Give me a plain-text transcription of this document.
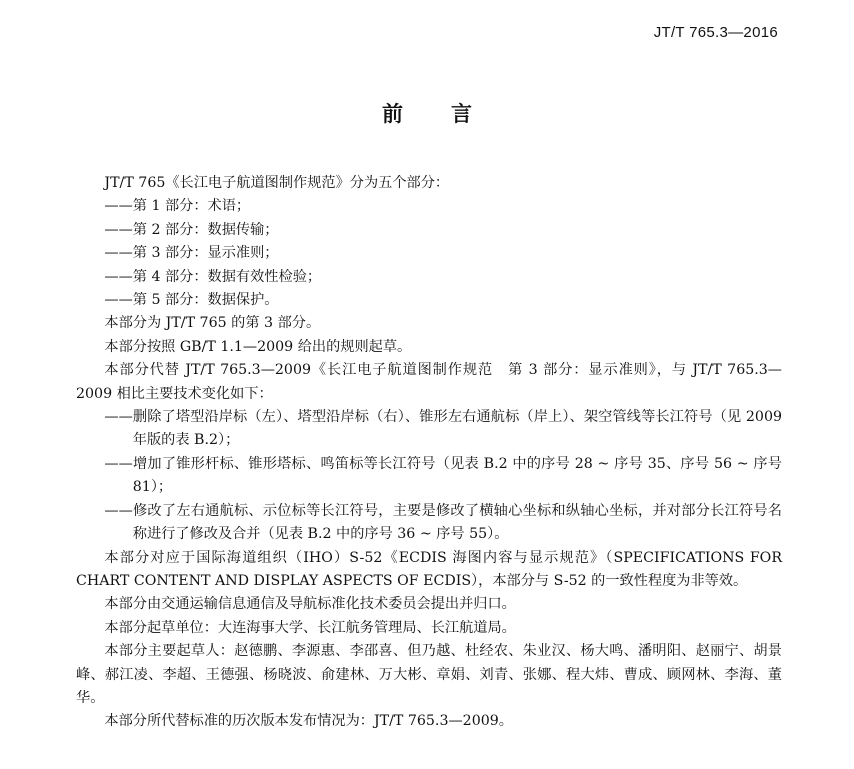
JT/T 765.3—2016
前 言

JT/T 765《长江电子航道图制作规范》分为五个部分：

——第 1 部分：术语；

——第 2 部分：数据传输；

——第 3 部分：显示准则；

——第 4 部分：数据有效性检验；

——第 5 部分：数据保护。

本部分为 JT/T 765 的第 3 部分。

本部分按照 GB/T 1.1—2009 给出的规则起草。

本部分代替 JT/T 765.3—2009《长江电子航道图制作规范　第 3 部分：显示准则》，与 JT/T 765.3—2009 相比主要技术变化如下：

——删除了塔型沿岸标（左）、塔型沿岸标（右）、锥形左右通航标（岸上）、架空管线等长江符号（见 2009 年版的表 B.2）；

——增加了锥形杆标、锥形塔标、鸣笛标等长江符号（见表 B.2 中的序号 28 ~ 序号 35、序号 56 ~ 序号 81）；

——修改了左右通航标、示位标等长江符号，主要是修改了横轴心坐标和纵轴心坐标，并对部分长江符号名称进行了修改及合并（见表 B.2 中的序号 36 ~ 序号 55）。

本部分对应于国际海道组织（IHO）S-52《ECDIS 海图内容与显示规范》（SPECIFICATIONS FOR CHART CONTENT AND DISPLAY ASPECTS OF ECDIS），本部分与 S-52 的一致性程度为非等效。

本部分由交通运输信息通信及导航标准化技术委员会提出并归口。

本部分起草单位：大连海事大学、长江航务管理局、长江航道局。

本部分主要起草人：赵德鹏、李源惠、李邵喜、但乃越、杜经农、朱业汉、杨大鸣、潘明阳、赵丽宁、胡景峰、郝江凌、李超、王德强、杨晓波、俞建林、万大彬、章娟、刘青、张娜、程大炜、曹成、顾网林、李海、董华。

本部分所代替标准的历次版本发布情况为：JT/T 765.3—2009。
